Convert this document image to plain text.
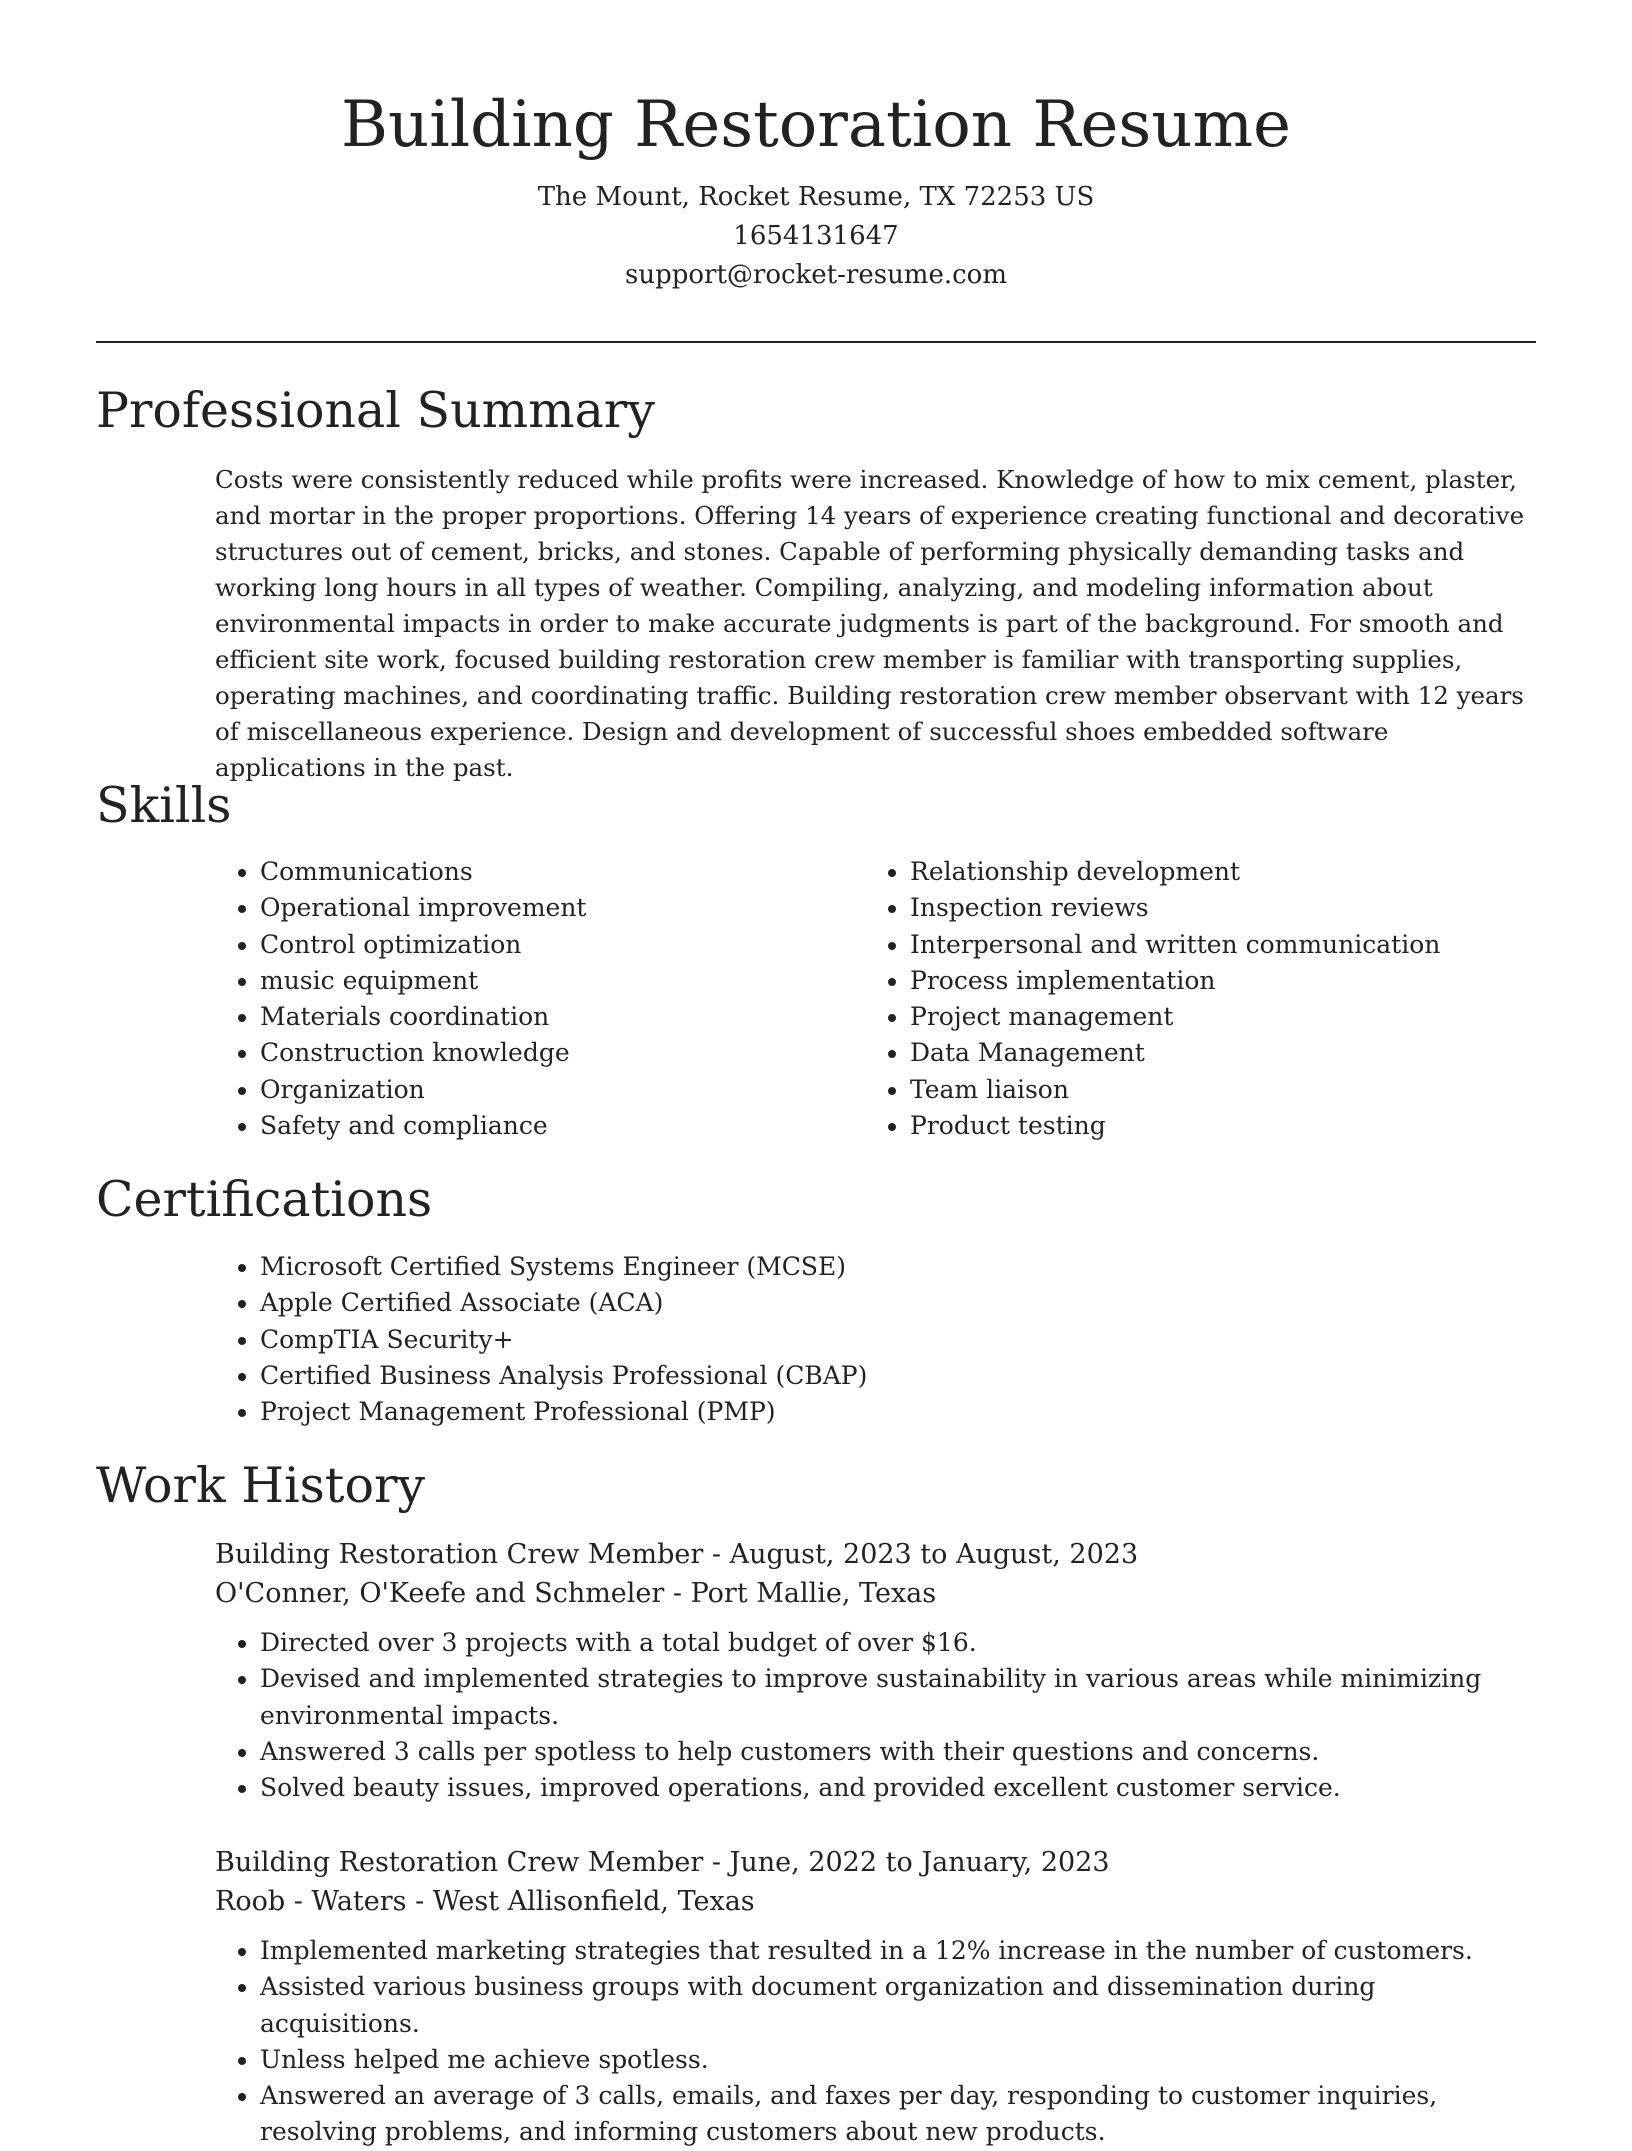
Building Restoration Resume
The Mount, Rocket Resume, TX 72253 US
1654131647
support@rocket-resume.com
Professional Summary

Costs were consistently reduced while profits were increased. Knowledge of how to mix cement, plaster, and mortar in the proper proportions. Offering 14 years of experience creating functional and decorative structures out of cement, bricks, and stones. Capable of performing physically demanding tasks and working long hours in all types of weather. Compiling, analyzing, and modeling information about environmental impacts in order to make accurate judgments is part of the background. For smooth and efficient site work, focused building restoration crew member is familiar with transporting supplies, operating machines, and coordinating traffic. Building restoration crew member observant with 12 years of miscellaneous experience. Design and development of successful shoes embedded software applications in the past.

Skills
• Communications
• Operational improvement
• Control optimization
• music equipment
• Materials coordination
• Construction knowledge
• Organization
• Safety and compliance
• Relationship development
• Inspection reviews
• Interpersonal and written communication
• Process implementation
• Project management
• Data Management
• Team liaison
• Product testing
Certifications
• Microsoft Certified Systems Engineer (MCSE)
• Apple Certified Associate (ACA)
• CompTIA Security+
• Certified Business Analysis Professional (CBAP)
• Project Management Professional (PMP)
Work History
Building Restoration Crew Member - August, 2023 to August, 2023
O'Conner, O'Keefe and Schmeler - Port Mallie, Texas
• Directed over 3 projects with a total budget of over $16.
• Devised and implemented strategies to improve sustainability in various areas while minimizing environmental impacts.
• Answered 3 calls per spotless to help customers with their questions and concerns.
• Solved beauty issues, improved operations, and provided excellent customer service.
Building Restoration Crew Member - June, 2022 to January, 2023
Roob - Waters - West Allisonfield, Texas
• Implemented marketing strategies that resulted in a 12% increase in the number of customers.
• Assisted various business groups with document organization and dissemination during acquisitions.
• Unless helped me achieve spotless.
• Answered an average of 3 calls, emails, and faxes per day, responding to customer inquiries, resolving problems, and informing customers about new products.
